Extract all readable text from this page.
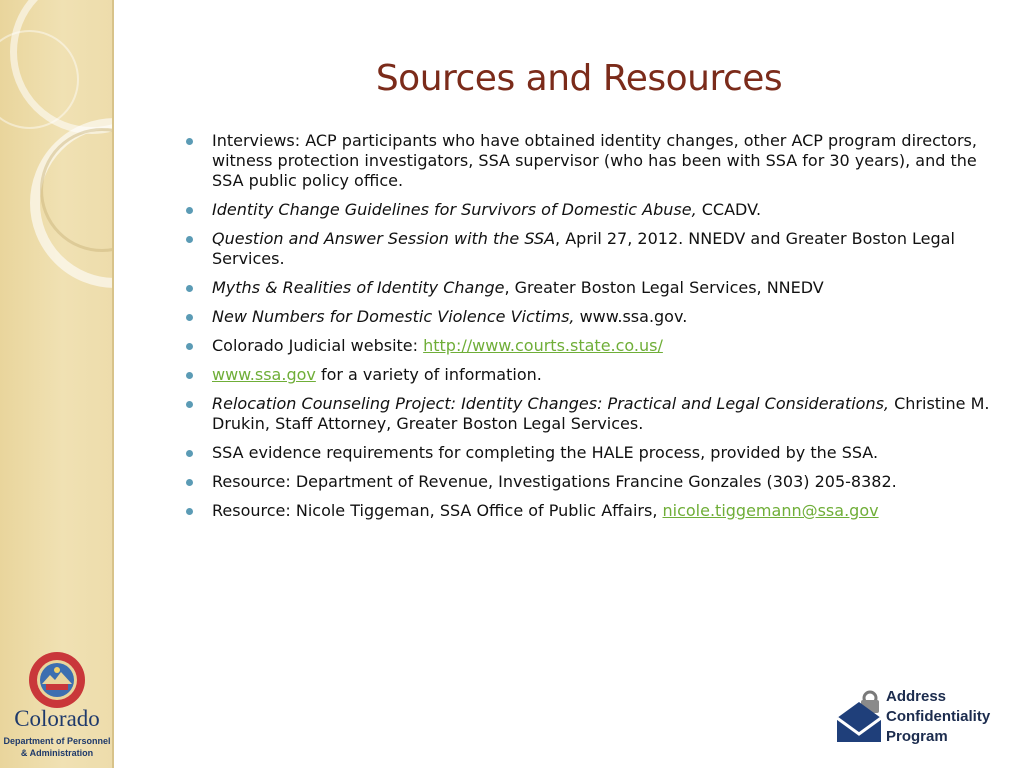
Colorado
Department of Personnel
& Administration
Sources and Resources
Interviews: ACP participants who have obtained identity changes, other ACP program directors, witness protection investigators, SSA supervisor (who has been with SSA for 30 years), and the SSA public policy office.
Identity Change Guidelines for Survivors of Domestic Abuse, CCADV.
Question and Answer Session with the SSA, April 27, 2012. NNEDV and Greater Boston Legal Services.
Myths & Realities of Identity Change, Greater Boston Legal Services, NNEDV
New Numbers for Domestic Violence Victims, www.ssa.gov.
Colorado Judicial website: http://www.courts.state.co.us/
www.ssa.gov for a variety of information.
Relocation Counseling Project: Identity Changes: Practical and Legal Considerations, Christine M. Drukin, Staff Attorney, Greater Boston Legal Services.
SSA evidence requirements for completing the HALE process, provided by the SSA.
Resource: Department of Revenue, Investigations Francine Gonzales (303) 205-8382.
Resource: Nicole Tiggeman, SSA Office of Public Affairs, nicole.tiggemann@ssa.gov
Address
Confidentiality
Program
